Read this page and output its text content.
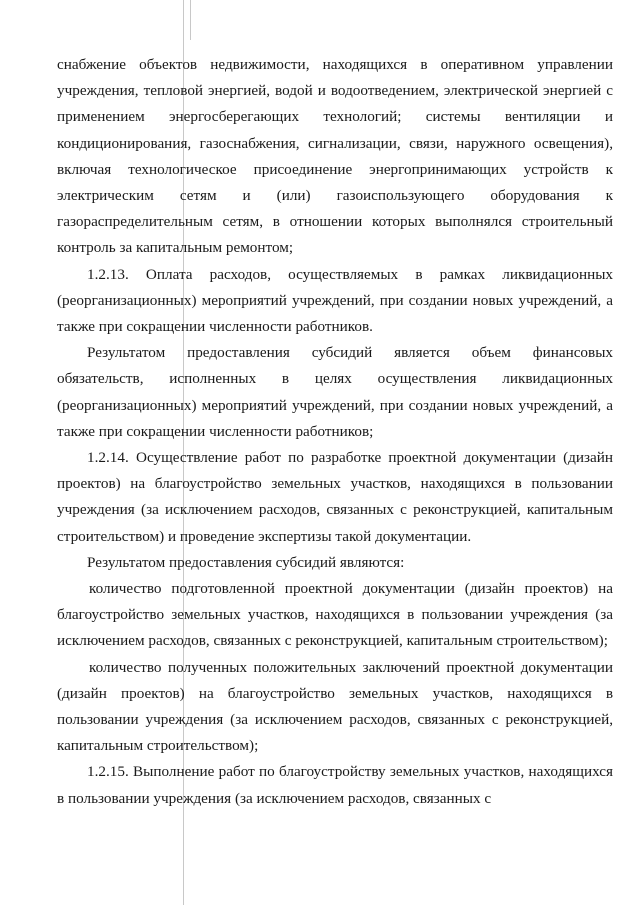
снабжение объектов недвижимости, находящихся в оперативном управлении учреждения, тепловой энергией, водой и водоотведением, электрической энергией с применением энергосберегающих технологий; системы вентиляции и кондиционирования, газоснабжения, сигнализации, связи, наружного освещения), включая технологическое присоединение энергопринимающих устройств к электрическим сетям и (или) газоиспользующего оборудования к газораспределительным сетям, в отношении которых выполнялся строительный контроль за капитальным ремонтом;

1.2.13. Оплата расходов, осуществляемых в рамках ликвидационных (реорганизационных) мероприятий учреждений, при создании новых учреждений, а также при сокращении численности работников.

Результатом предоставления субсидий является объем финансовых обязательств, исполненных в целях осуществления ликвидационных (реорганизационных) мероприятий учреждений, при создании новых учреждений, а также при сокращении численности работников;

1.2.14. Осуществление работ по разработке проектной документации (дизайн проектов) на благоустройство земельных участков, находящихся в пользовании учреждения (за исключением расходов, связанных с реконструкцией, капитальным строительством) и проведение экспертизы такой документации.

Результатом предоставления субсидий являются:

количество подготовленной проектной документации (дизайн проектов) на благоустройство земельных участков, находящихся в пользовании учреждения (за исключением расходов, связанных с реконструкцией, капитальным строительством);

количество полученных положительных заключений проектной документации (дизайн проектов) на благоустройство земельных участков, находящихся в пользовании учреждения (за исключением расходов, связанных с реконструкцией, капитальным строительством);

1.2.15. Выполнение работ по благоустройству земельных участков, находящихся в пользовании учреждения (за исключением расходов, связанных с
